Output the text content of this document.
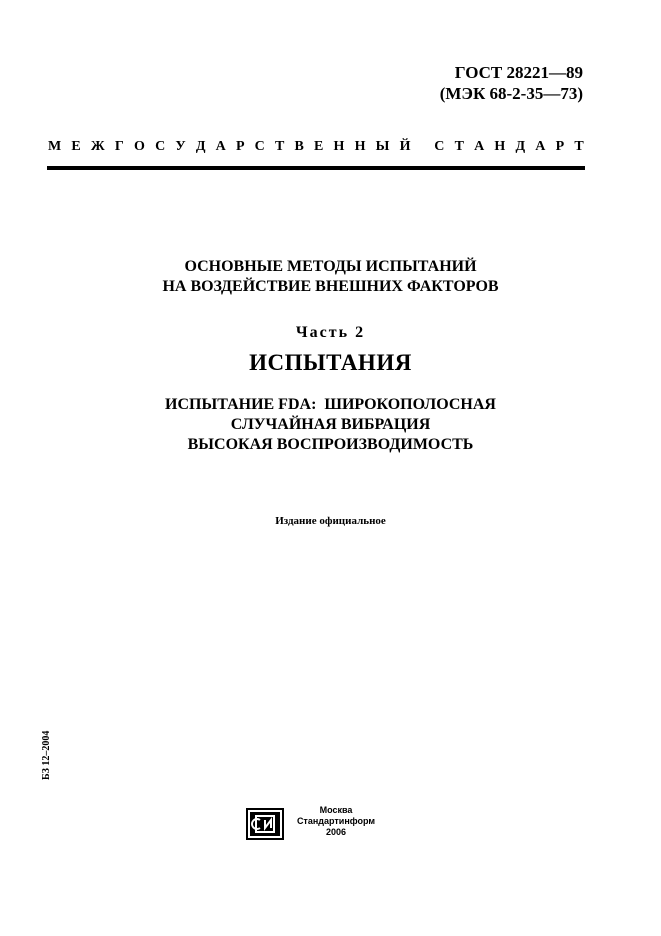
ГОСТ 28221—89
(МЭК 68-2-35—73)
М Е Ж Г О С У Д А Р С Т В Е Н Н Ы Й
С Т А Н Д А Р Т
ОСНОВНЫЕ МЕТОДЫ ИСПЫТАНИЙ
НА ВОЗДЕЙСТВИЕ ВНЕШНИХ ФАКТОРОВ
Часть 2
ИСПЫТАНИЯ
ИСПЫТАНИЕ FDA:  ШИРОКОПОЛОСНАЯ
СЛУЧАЙНАЯ ВИБРАЦИЯ
ВЫСОКАЯ ВОСПРОИЗВОДИМОСТЬ
Издание официальное
БЗ 12–2004
Москва
Стандартинформ
2006
